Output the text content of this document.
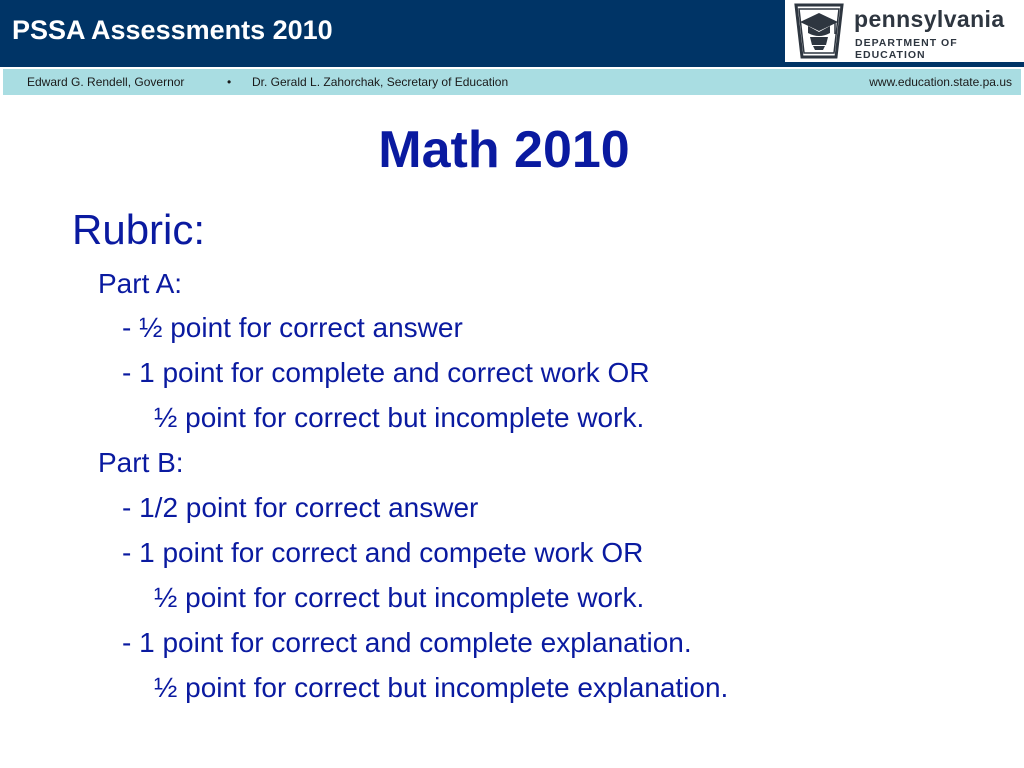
PSSA Assessments 2010	pennsylvania
DEPARTMENT OF EDUCATION
Edward G. Rendell, Governor	• Dr. Gerald L. Zahorchak, Secretary of Education	www.education.state.pa.us
Math 2010
Rubric:
Part A:
- ½ point for correct answer
- 1 point for complete and correct work OR
½ point for correct but incomplete work.
Part B:
- 1/2 point for correct answer
- 1 point for correct and compete work OR
½ point for correct but incomplete work.
- 1 point for correct and complete explanation.
½ point for correct but incomplete explanation.
